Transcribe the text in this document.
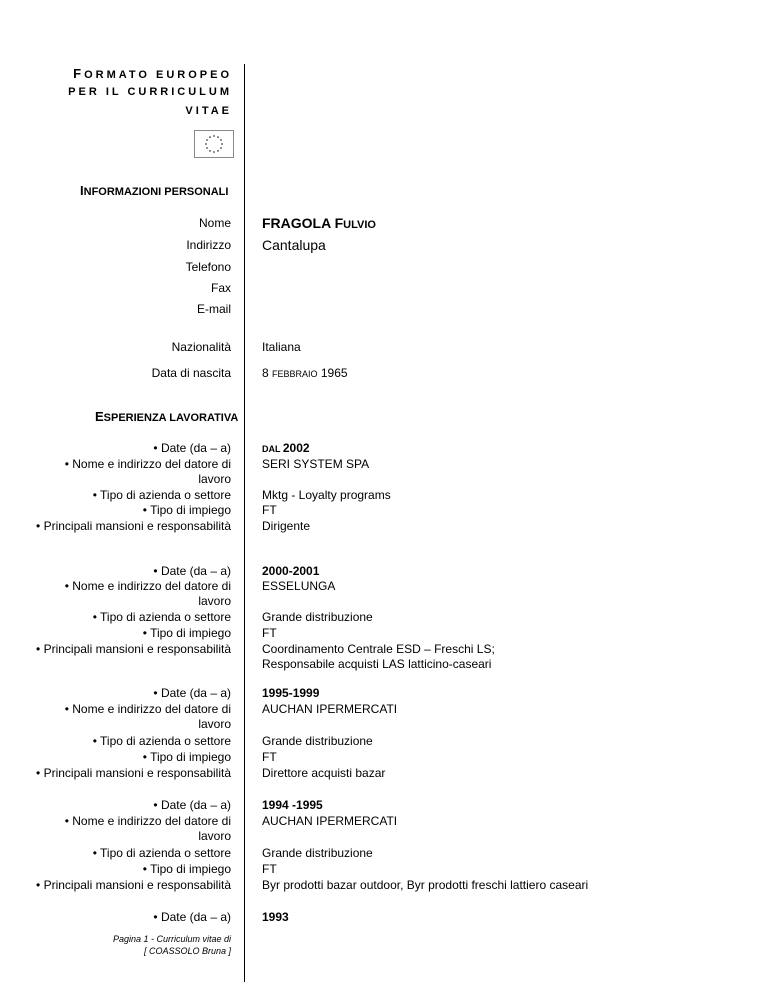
FORMATO EUROPEO
PER IL CURRICULUM
VITAE
INFORMAZIONI PERSONALI
Nome FRAGOLA FULVIO
Indirizzo Cantalupa
Telefono
Fax
E-mail
Nazionalità	Italiana
Data di nascita	8 FEBBRAIO 1965
ESPERIENZA LAVORATIVA
• Date (da – a)	DAL 2002
• Nome e indirizzo del datore di	SERI SYSTEM SPA
lavoro
• Tipo di azienda o settore	Mktg - Loyalty programs
• Tipo di impiego	FT
• Principali mansioni e responsabilità	Dirigente
• Date (da – a)	2000-2001
• Nome e indirizzo del datore di	ESSELUNGA
lavoro
• Tipo di azienda o settore	Grande distribuzione
• Tipo di impiego	FT
• Principali mansioni e responsabilità	Coordinamento Centrale ESD – Freschi LS;
Responsabile acquisti LAS latticino-caseari
• Date (da – a)	1995-1999
• Nome e indirizzo del datore di	AUCHAN IPERMERCATI
lavoro
• Tipo di azienda o settore	Grande distribuzione
• Tipo di impiego	FT
• Principali mansioni e responsabilità	Direttore acquisti bazar
• Date (da – a)	1994 -1995
• Nome e indirizzo del datore di	AUCHAN IPERMERCATI
lavoro
• Tipo di azienda o settore	Grande distribuzione
• Tipo di impiego	FT
• Principali mansioni e responsabilità	Byr prodotti bazar outdoor, Byr prodotti freschi lattiero caseari
• Date (da – a)	1993
Pagina 1 - Curriculum vitae di
[ COASSOLO Bruna ]
